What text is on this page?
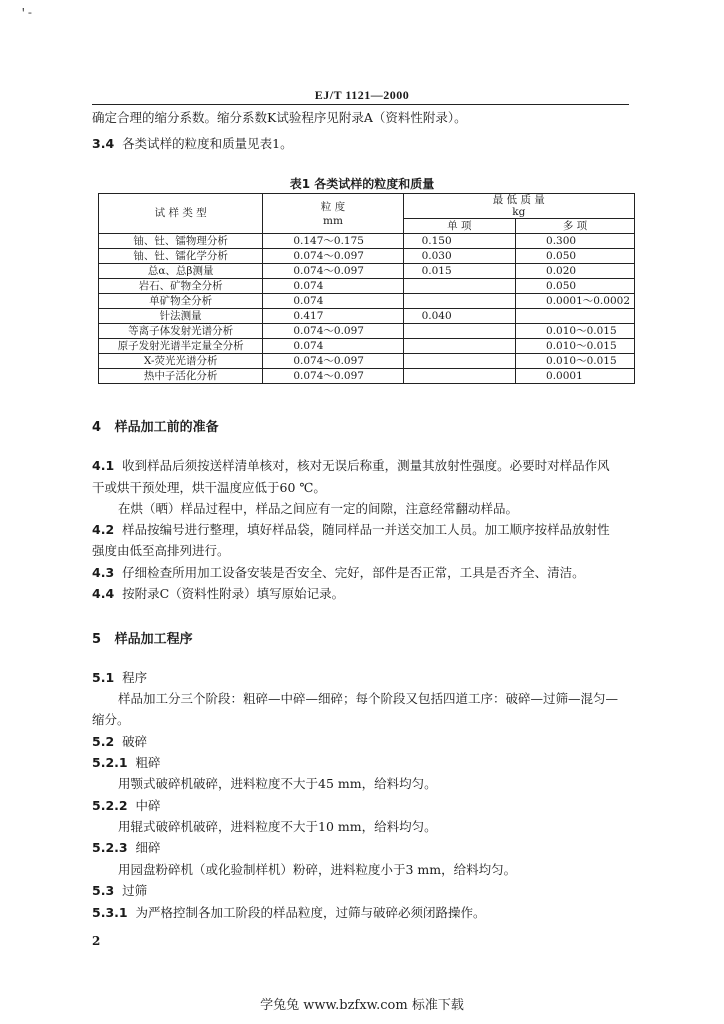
'-
EJ/T 1121—2000
确定合理的缩分系数。缩分系数K试验程序见附录A（资料性附录）。
3.4 各类试样的粒度和质量见表1。
表1 各类试样的粒度和质量
试 样 类 型	粒 度
mm	最 低 质 量
kg	
		单 项	多 项
铀、钍、镭物理分析	0.147～0.175	0.150	0.300
铀、钍、镭化学分析	0.074～0.097	0.030	0.050
总α、总β测量	0.074～0.097	0.015	0.020
岩石、矿物全分析	0.074		0.050
单矿物全分析	0.074		0.0001～0.0002
针法测量	0.417	0.040	
等离子体发射光谱分析	0.074～0.097		0.010～0.015
原子发射光谱半定量全分析	0.074		0.010～0.015
X-荧光光谱分析	0.074～0.097		0.010～0.015
热中子活化分析	0.074～0.097		0.0001
4 样品加工前的准备
4.1 收到样品后须按送样清单核对，核对无误后称重，测量其放射性强度。必要时对样品作风
干或烘干预处理，烘干温度应低于60 ℃。
在烘（晒）样品过程中，样品之间应有一定的间隙，注意经常翻动样品。
4.2 样品按编号进行整理，填好样品袋，随同样品一并送交加工人员。加工顺序按样品放射性
强度由低至高排列进行。
4.3 仔细检查所用加工设备安装是否安全、完好，部件是否正常，工具是否齐全、清洁。
4.4 按附录C（资料性附录）填写原始记录。
5 样品加工程序
5.1 程序
样品加工分三个阶段：粗碎—中碎—细碎；每个阶段又包括四道工序：破碎—过筛—混匀—
缩分。
5.2 破碎
5.2.1 粗碎
用颚式破碎机破碎，进料粒度不大于45 mm，给料均匀。
5.2.2 中碎
用辊式破碎机破碎，进料粒度不大于10 mm，给料均匀。
5.2.3 细碎
用园盘粉碎机（或化验制样机）粉碎，进料粒度小于3 mm，给料均匀。
5.3 过筛
5.3.1 为严格控制各加工阶段的样品粒度，过筛与破碎必须闭路操作。
2
学兔兔 www.bzfxw.com 标准下载
